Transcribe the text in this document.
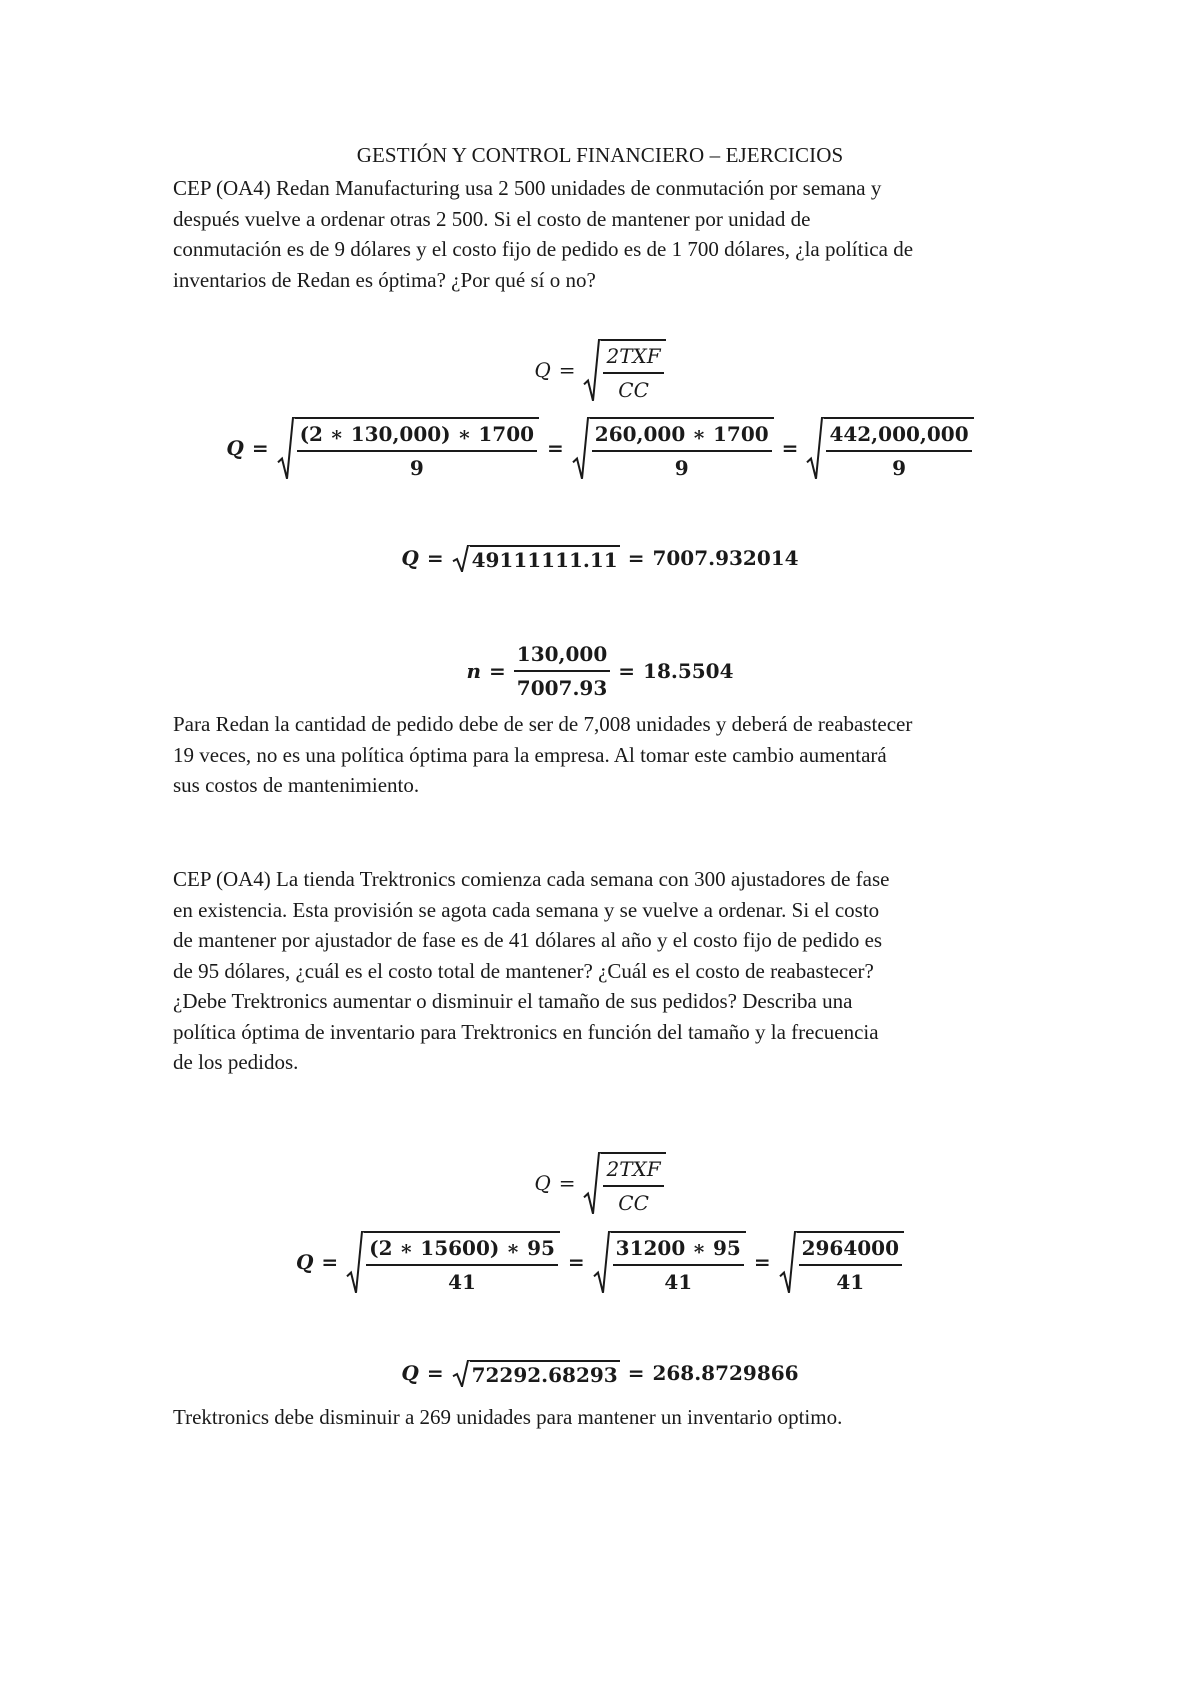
GESTIÓN Y CONTROL FINANCIERO – EJERCICIOS
CEP (OA4) Redan Manufacturing usa 2 500 unidades de conmutación por semana y
después vuelve a ordenar otras 2 500. Si el costo de mantener por unidad de
conmutación es de 9 dólares y el costo fijo de pedido es de 1 700 dólares, ¿la política de
inventarios de Redan es óptima? ¿Por qué sí o no?
$Q = \frac{\text{2TXF}}{CC}$
$Q = \frac{(2 ∗ 130,000) ∗ 1700}{9} = \frac{260,000 ∗ 1700}{9} = \frac{442,000,000}{9}$
Q = 49111111.11 = 7007.932014
$n = \frac{130,000}{7007.93} = 18.5504$
Para Redan la cantidad de pedido debe de ser de 7,008 unidades y deberá de reabastecer
19 veces, no es una política óptima para la empresa. Al tomar este cambio aumentará
sus costos de mantenimiento.
CEP (OA4) La tienda Trektronics comienza cada semana con 300 ajustadores de fase
en existencia. Esta provisión se agota cada semana y se vuelve a ordenar. Si el costo
de mantener por ajustador de fase es de 41 dólares al año y el costo fijo de pedido es
de 95 dólares, ¿cuál es el costo total de mantener? ¿Cuál es el costo de reabastecer?
¿Debe Trektronics aumentar o disminuir el tamaño de sus pedidos? Describa una
política óptima de inventario para Trektronics en función del tamaño y la frecuencia
de los pedidos.
$Q = \frac{\text{2TXF}}{CC}$
$Q = \frac{(2 ∗ 15600) ∗ 95}{41} = \frac{31200 ∗ 95}{41} = \frac{2964000}{41}$
Q = 72292.68293 = 268.8729866
Trektronics debe disminuir a 269 unidades para mantener un inventario optimo.
